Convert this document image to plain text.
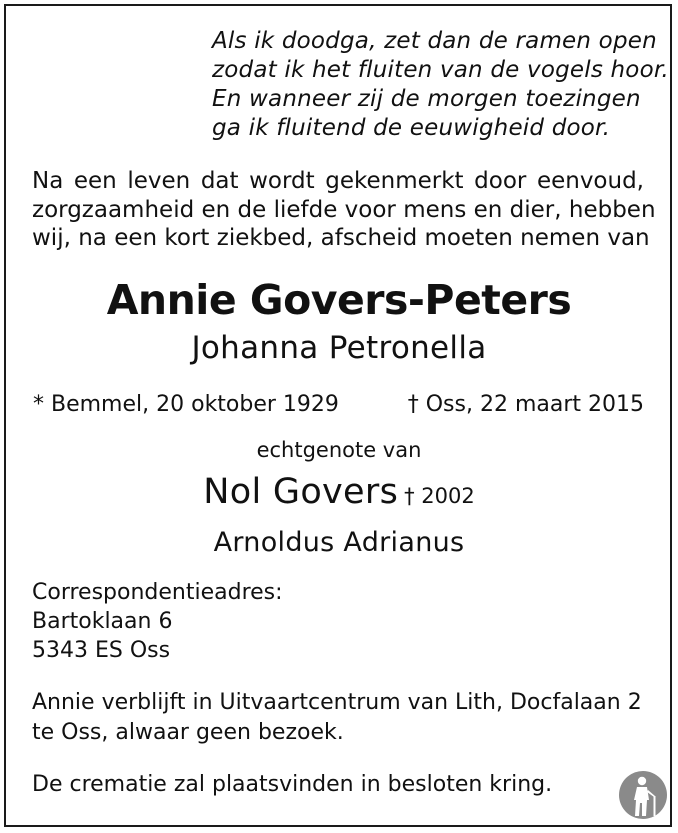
Als ik doodga, zet dan de ramen open
zodat ik het fluiten van de vogels hoor.
En wanneer zij de morgen toezingen
ga ik fluitend de eeuwigheid door.
Na een leven dat wordt gekenmerkt door eenvoud,
zorgzaamheid en de liefde voor mens en dier, hebben
wij, na een kort ziekbed, afscheid moeten nemen van
Annie Govers-Peters
Johanna Petronella
* Bemmel, 20 oktober 1929	† Oss, 22 maart 2015
echtgenote van
Nol Govers † 2002
Arnoldus Adrianus
Correspondentieadres:
Bartoklaan 6
5343 ES Oss
Annie verblijft in Uitvaartcentrum van Lith, Docfalaan 2
te Oss, alwaar geen bezoek.
De crematie zal plaatsvinden in besloten kring.
